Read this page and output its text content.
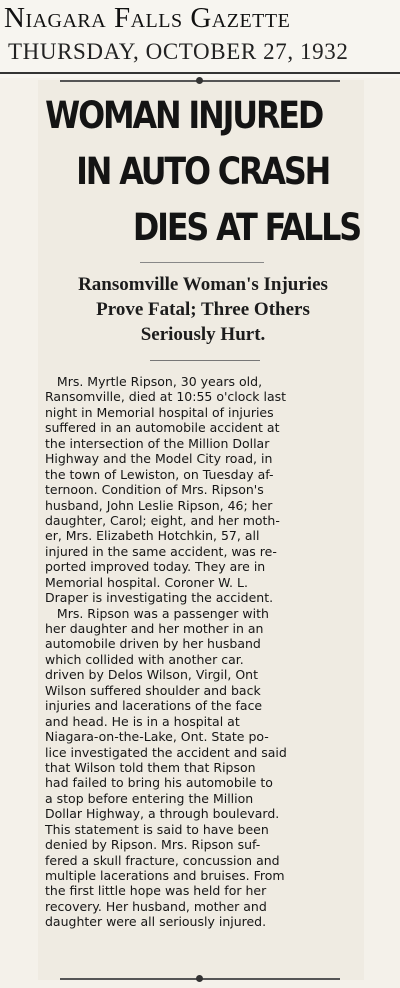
Niagara Falls Gazette
THURSDAY, OCTOBER 27, 1932
WOMAN INJURED
IN AUTO CRASH
DIES AT FALLS
Ransomville Woman's Injuries
Prove Fatal; Three Others
Seriously Hurt.
Mrs. Myrtle Ripson, 30 years old,
Ransomville, died at 10:55 o'clock last
night in Memorial hospital of injuries
suffered in an automobile accident at
the intersection of the Million Dollar
Highway and the Model City road, in
the town of Lewiston, on Tuesday af-
ternoon. Condition of Mrs. Ripson's
husband, John Leslie Ripson, 46; her
daughter, Carol; eight, and her moth-
er, Mrs. Elizabeth Hotchkin, 57, all
injured in the same accident, was re-
ported improved today. They are in
Memorial hospital. Coroner W. L.
Draper is investigating the accident.
Mrs. Ripson was a passenger with
her daughter and her mother in an
automobile driven by her husband
which collided with another car.
driven by Delos Wilson, Virgil, Ont
Wilson suffered shoulder and back
injuries and lacerations of the face
and head. He is in a hospital at
Niagara-on-the-Lake, Ont. State po-
lice investigated the accident and said
that Wilson told them that Ripson
had failed to bring his automobile to
a stop before entering the Million
Dollar Highway, a through boulevard.
This statement is said to have been
denied by Ripson. Mrs. Ripson suf-
fered a skull fracture, concussion and
multiple lacerations and bruises. From
the first little hope was held for her
recovery. Her husband, mother and
daughter were all seriously injured.
